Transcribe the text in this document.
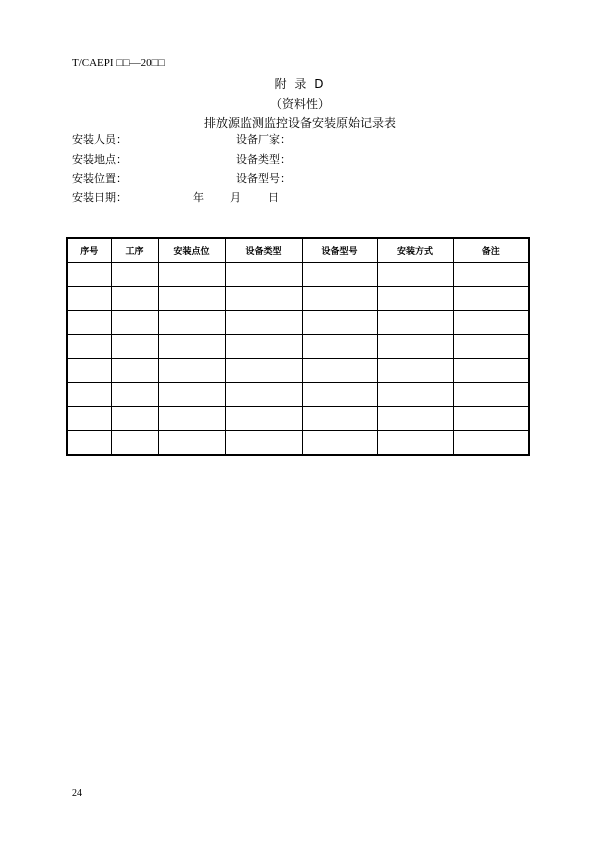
T/CAEPI □□—20□□
附 录 D
（资料性）
排放源监测监控设备安装原始记录表
安装人员：	设备厂家：
安装地点：	设备类型：
安装位置：	设备型号：
安装日期：	年 月 日
序号	工序	安装点位	设备类型	设备型号	安装方式	备注

24
